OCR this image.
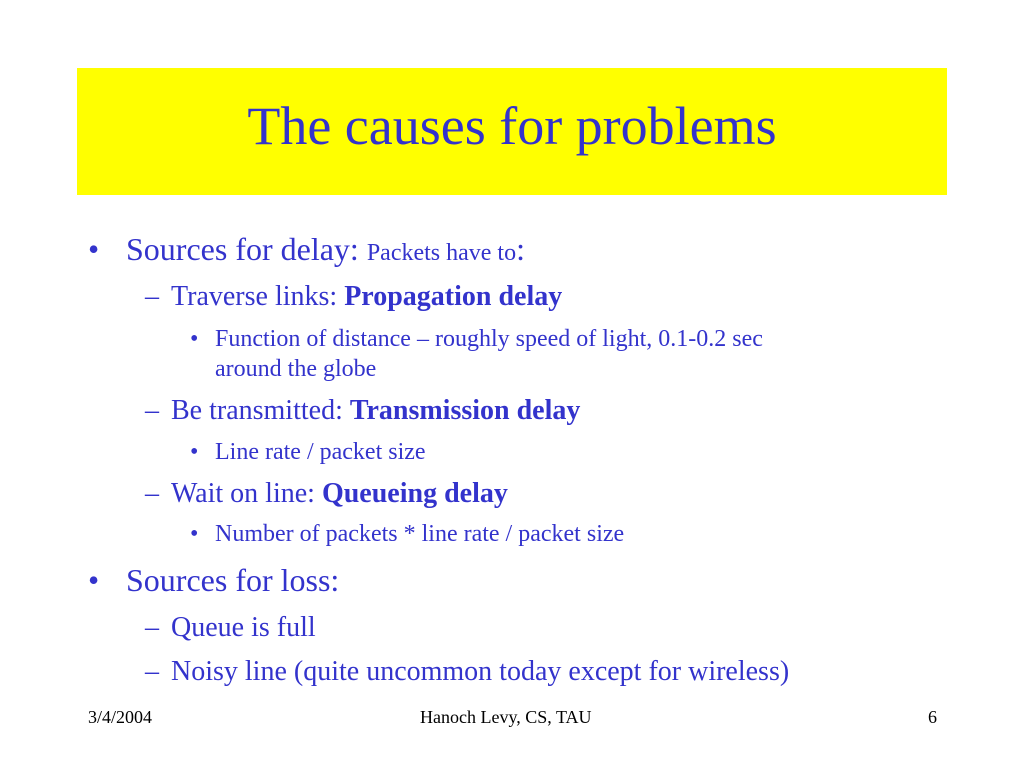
The causes for problems
• Sources for delay: Packets have to:
– Traverse links: Propagation delay
• Function of distance – roughly speed of light, 0.1-0.2 sec
around the globe
– Be transmitted: Transmission delay
• Line rate / packet size
– Wait on line: Queueing delay
• Number of packets * line rate / packet size
• Sources for loss:
– Queue is full
– Noisy line (quite uncommon today except for wireless)
3/4/2004	Hanoch Levy, CS, TAU	6
